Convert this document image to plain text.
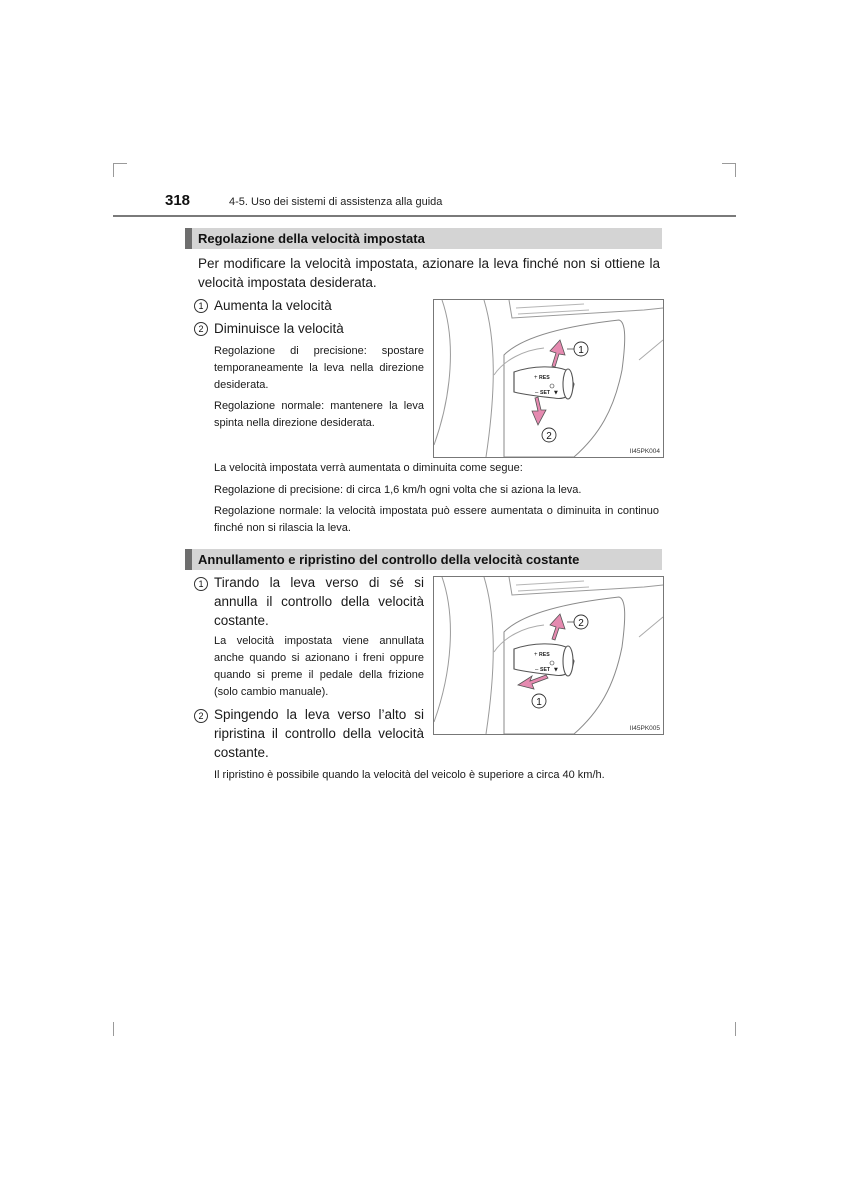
318	4-5. Uso dei sistemi di assistenza alla guida
Regolazione della velocità impostata
Per modificare la velocità impostata, azionare la leva finché non si ottiene la velocità impostata desiderata.
1 Aumenta la velocità
2 Diminuisce la velocità
Regolazione di precisione: spostare temporaneamente la leva nella direzione desiderata.
Regolazione normale: mantenere la leva spinta nella direzione desiderata.
RES
+
SET
–	▼
1
2
II45PK004
La velocità impostata verrà aumentata o diminuita come segue:
Regolazione di precisione: di circa 1,6 km/h ogni volta che si aziona la leva.
Regolazione normale: la velocità impostata può essere aumentata o diminuita in continuo finché non si rilascia la leva.
Annullamento e ripristino del controllo della velocità costante
1 Tirando la leva verso di sé si annulla il controllo della velocità costante.
La velocità impostata viene annullata anche quando si azionano i freni oppure quando si preme il pedale della frizione (solo cambio manuale).
2 Spingendo la leva verso l’alto si ripristina il controllo della velocità costante.
RES
+
SET
–	▼
2
1
II45PK005
Il ripristino è possibile quando la velocità del veicolo è superiore a circa 40 km/h.
